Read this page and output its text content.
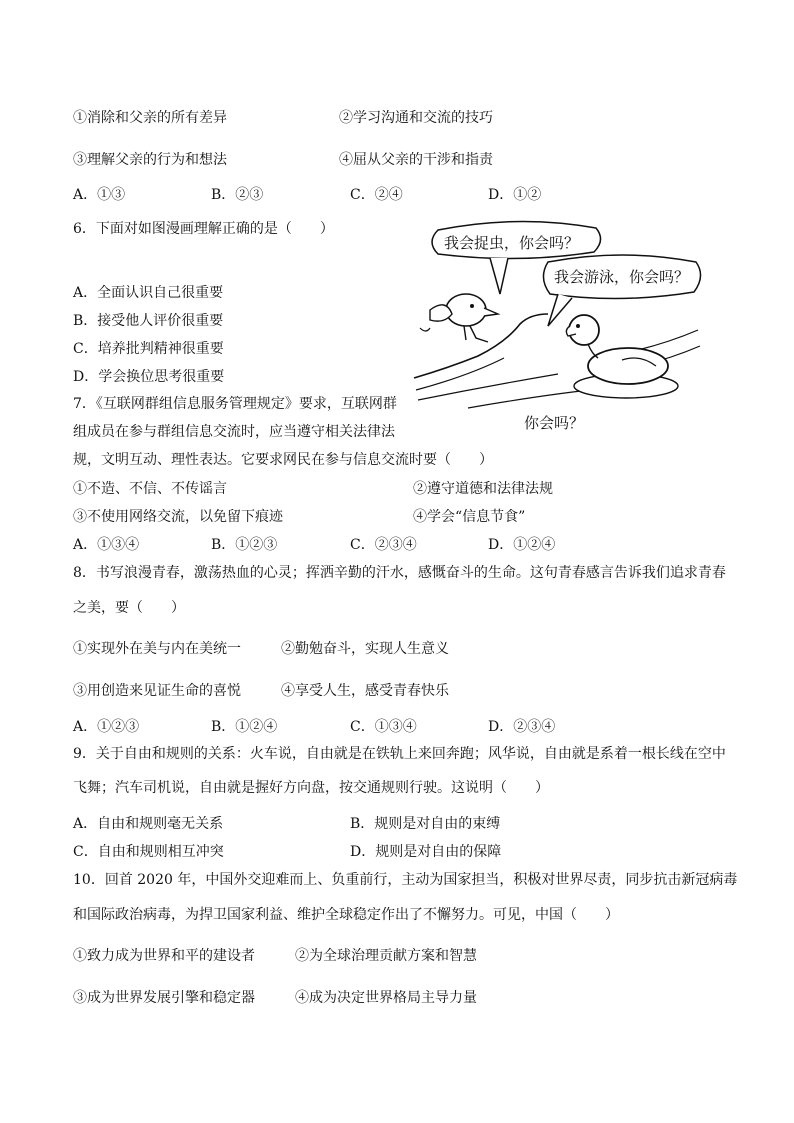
①消除和父亲的所有差异	②学习沟通和交流的技巧
③理解父亲的行为和想法	④屈从父亲的干涉和指责
A．①③	B．②③	C．②④	D．①②
6．下面对如图漫画理解正确的是（　　）
A．全面认识自己很重要
B．接受他人评价很重要
C．培养批判精神很重要
D．学会换位思考很重要
我会捉虫，你会吗？
我会游泳，你会吗？
你会吗？
7．《互联网群组信息服务管理规定》要求，互联网群
组成员在参与群组信息交流时，应当遵守相关法律法
规，文明互动、理性表达。它要求网民在参与信息交流时要（　　）
①不造、不信、不传谣言	②遵守道德和法律法规
③不使用网络交流，以免留下痕迹	④学会“信息节食”
A．①③④	B．①②③	C．②③④	D．①②④
8．书写浪漫青春，激荡热血的心灵；挥洒辛勤的汗水，感慨奋斗的生命。这句青春感言告诉我们追求青春
之美，要（　　）
①实现外在美与内在美统一	②勤勉奋斗，实现人生意义
③用创造来见证生命的喜悦	④享受人生，感受青春快乐
A．①②③	B．①②④	C．①③④	D．②③④
9．关于自由和规则的关系：火车说，自由就是在铁轨上来回奔跑；风华说，自由就是系着一根长线在空中
飞舞；汽车司机说，自由就是握好方向盘，按交通规则行驶。这说明（　　）
A．自由和规则毫无关系	B．规则是对自由的束缚
C．自由和规则相互冲突	D．规则是对自由的保障
10．回首 2020 年，中国外交迎难而上、负重前行，主动为国家担当，积极对世界尽责，同步抗击新冠病毒
和国际政治病毒，为捍卫国家利益、维护全球稳定作出了不懈努力。可见，中国（　　）
①致力成为世界和平的建设者	②为全球治理贡献方案和智慧
③成为世界发展引擎和稳定器	④成为决定世界格局主导力量
